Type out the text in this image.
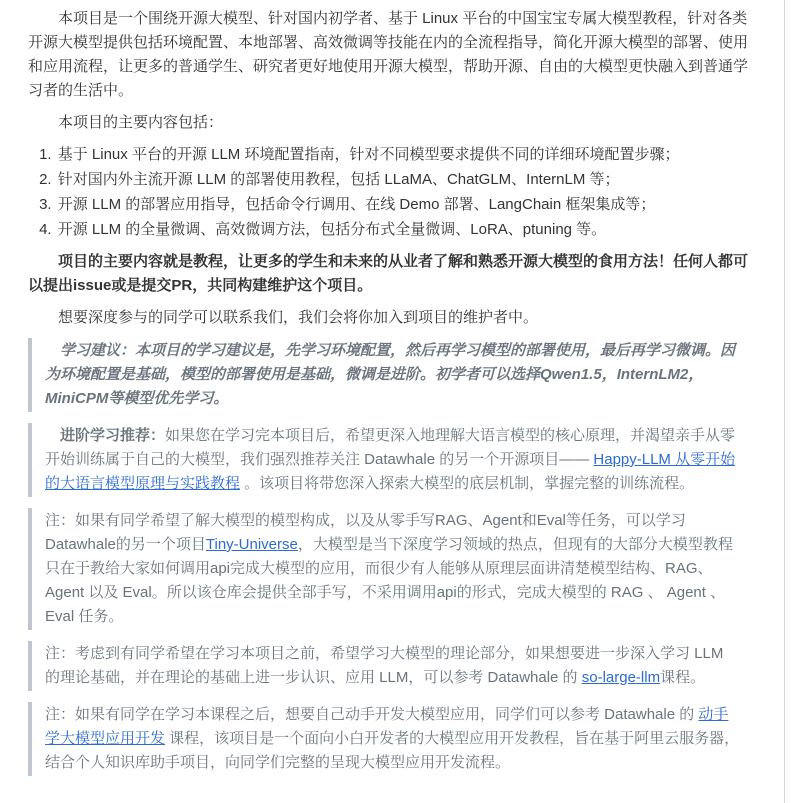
本项目是一个围绕开源大模型、针对国内初学者、基于 Linux 平台的中国宝宝专属大模型教程，针对各类开源大模型提供包括环境配置、本地部署、高效微调等技能在内的全流程指导，简化开源大模型的部署、使用和应用流程，让更多的普通学生、研究者更好地使用开源大模型，帮助开源、自由的大模型更快融入到普通学习者的生活中。

本项目的主要内容包括：

1. 基于 Linux 平台的开源 LLM 环境配置指南，针对不同模型要求提供不同的详细环境配置步骤；
2. 针对国内外主流开源 LLM 的部署使用教程，包括 LLaMA、ChatGLM、InternLM 等；
3. 开源 LLM 的部署应用指导，包括命令行调用、在线 Demo 部署、LangChain 框架集成等；
4. 开源 LLM 的全量微调、高效微调方法，包括分布式全量微调、LoRA、ptuning 等。

项目的主要内容就是教程，让更多的学生和未来的从业者了解和熟悉开源大模型的食用方法！任何人都可以提出issue或是提交PR，共同构建维护这个项目。

想要深度参与的同学可以联系我们，我们会将你加入到项目的维护者中。

学习建议：本项目的学习建议是，先学习环境配置，然后再学习模型的部署使用，最后再学习微调。因为环境配置是基础，模型的部署使用是基础，微调是进阶。初学者可以选择Qwen1.5，InternLM2，MiniCPM等模型优先学习。

进阶学习推荐：如果您在学习完本项目后，希望更深入地理解大语言模型的核心原理，并渴望亲手从零开始训练属于自己的大模型，我们强烈推荐关注 Datawhale 的另一个开源项目—— Happy-LLM 从零开始的大语言模型原理与实践教程 。该项目将带您深入探索大模型的底层机制，掌握完整的训练流程。

注：如果有同学希望了解大模型的模型构成，以及从零手写RAG、Agent和Eval等任务，可以学习Datawhale的另一个项目Tiny-Universe，大模型是当下深度学习领域的热点，但现有的大部分大模型教程只在于教给大家如何调用api完成大模型的应用，而很少有人能够从原理层面讲清楚模型结构、RAG、Agent 以及 Eval。所以该仓库会提供全部手写，不采用调用api的形式，完成大模型的 RAG 、 Agent 、 Eval 任务。

注：考虑到有同学希望在学习本项目之前，希望学习大模型的理论部分，如果想要进一步深入学习 LLM 的理论基础，并在理论的基础上进一步认识、应用 LLM，可以参考 Datawhale 的 so-large-llm课程。

注：如果有同学在学习本课程之后，想要自己动手开发大模型应用，同学们可以参考 Datawhale 的 动手学大模型应用开发 课程，该项目是一个面向小白开发者的大模型应用开发教程，旨在基于阿里云服务器，结合个人知识库助手项目，向同学们完整的呈现大模型应用开发流程。
